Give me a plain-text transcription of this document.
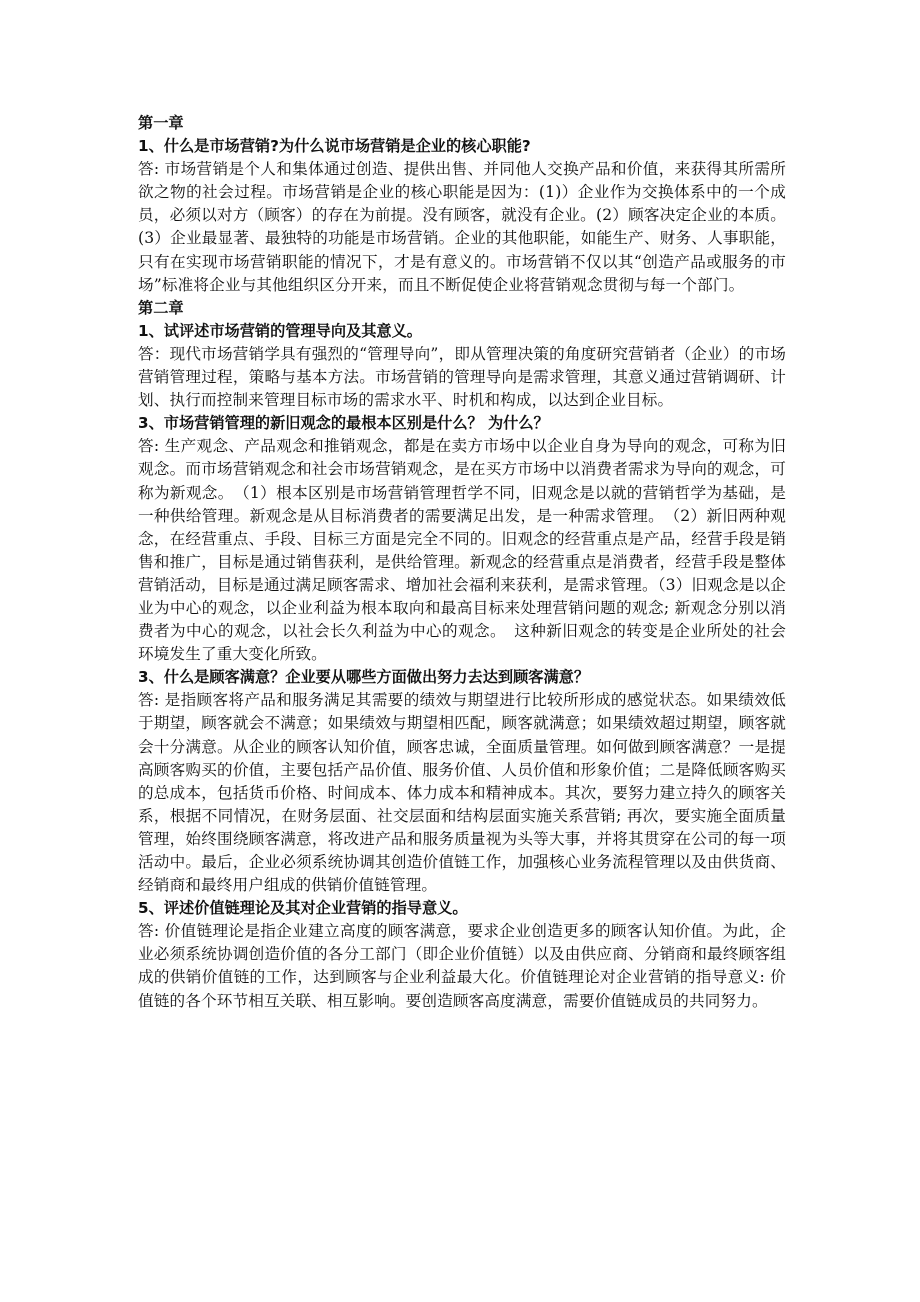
第一章
1、什么是市场营销?为什么说市场营销是企业的核心职能?

答: 市场营销是个人和集体通过创造、提供出售、并同他人交换产品和价值，来获得其所需所欲之物的社会过程。市场营销是企业的核心职能是因为：(1)）企业作为交换体系中的一个成员，必须以对方（顾客）的存在为前提。没有顾客，就没有企业。(2）顾客决定企业的本质。(3）企业最显著、最独特的功能是市场营销。企业的其他职能，如能生产、财务、人事职能，只有在实现市场营销职能的情况下，才是有意义的。市场营销不仅以其“创造产品或服务的市场”标准将企业与其他组织区分开来，而且不断促使企业将营销观念贯彻与每一个部门。

第二章
1、试评述市场营销的管理导向及其意义。

答：现代市场营销学具有强烈的“管理导向”，即从管理决策的角度研究营销者（企业）的市场营销管理过程，策略与基本方法。市场营销的管理导向是需求管理，其意义通过营销调研、计划、执行而控制来管理目标市场的需求水平、时机和构成，以达到企业目标。

3、市场营销管理的新旧观念的最根本区别是什么？ 为什么？

答: 生产观念、产品观念和推销观念，都是在卖方市场中以企业自身为导向的观念，可称为旧观念。而市场营销观念和社会市场营销观念，是在买方市场中以消费者需求为导向的观念，可称为新观念。　（1）根本区别是市场营销管理哲学不同，旧观念是以就的营销哲学为基础，是一种供给管理。新观念是从目标消费者的需要满足出发，是一种需求管理。　（2）新旧两种观念，在经营重点、手段、目标三方面是完全不同的。旧观念的经营重点是产品，经营手段是销售和推广，目标是通过销售获利，是供给管理。新观念的经营重点是消费者，经营手段是整体营销活动，目标是通过满足顾客需求、增加社会福利来获利，是需求管理。（3）旧观念是以企业为中心的观念，以企业利益为根本取向和最高目标来处理营销问题的观念; 新观念分别以消费者为中心的观念，以社会长久利益为中心的观念。　这种新旧观念的转变是企业所处的社会环境发生了重大变化所致。

3、什么是顾客满意？企业要从哪些方面做出努力去达到顾客满意？

答: 是指顾客将产品和服务满足其需要的绩效与期望进行比较所形成的感觉状态。如果绩效低于期望，顾客就会不满意；如果绩效与期望相匹配，顾客就满意；如果绩效超过期望，顾客就会十分满意。从企业的顾客认知价值，顾客忠诚，全面质量管理。如何做到顾客满意？一是提高顾客购买的价值，主要包括产品价值、服务价值、人员价值和形象价值；二是降低顾客购买的总成本，包括货币价格、时间成本、体力成本和精神成本。其次，要努力建立持久的顾客关系，根据不同情况，在财务层面、社交层面和结构层面实施关系营销; 再次，要实施全面质量管理，始终围绕顾客满意，将改进产品和服务质量视为头等大事，并将其贯穿在公司的每一项活动中。最后，企业必须系统协调其创造价值链工作，加强核心业务流程管理以及由供货商、经销商和最终用户组成的供销价值链管理。

5、评述价值链理论及其对企业营销的指导意义。

答: 价值链理论是指企业建立高度的顾客满意，要求企业创造更多的顾客认知价值。为此，企业必须系统协调创造价值的各分工部门（即企业价值链）以及由供应商、分销商和最终顾客组成的供销价值链的工作，达到顾客与企业利益最大化。价值链理论对企业营销的指导意义: 价值链的各个环节相互关联、相互影响。要创造顾客高度满意，需要价值链成员的共同努力。
